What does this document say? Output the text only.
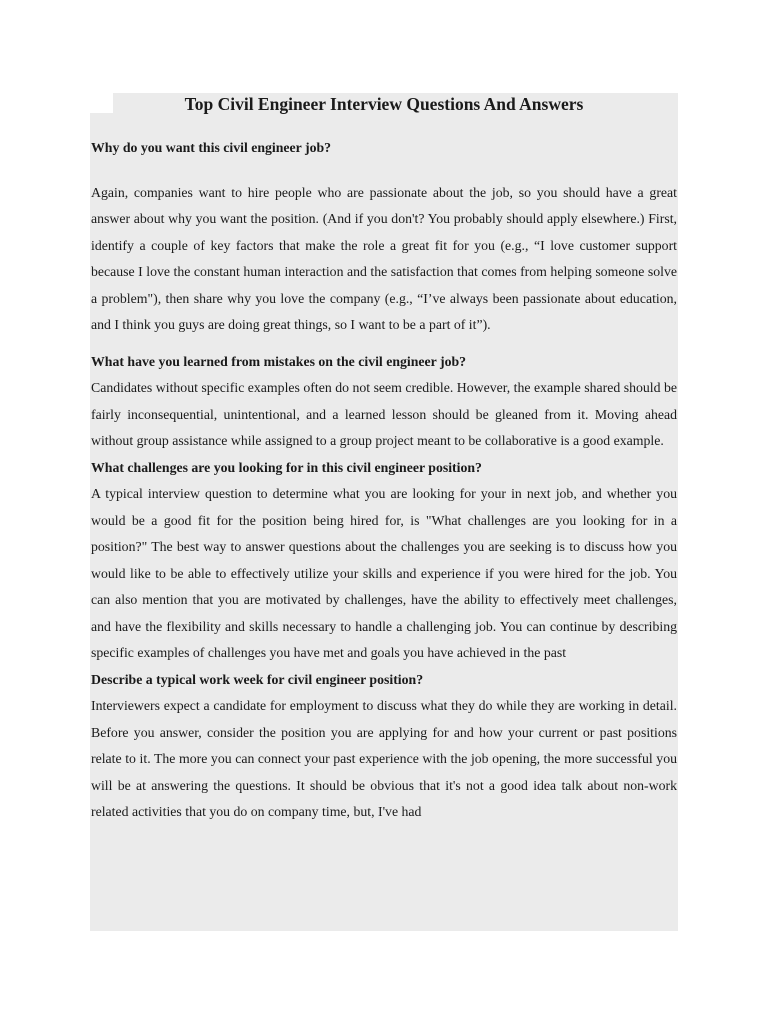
Top Civil Engineer Interview Questions And Answers

Why do you want this civil engineer job?

Again, companies want to hire people who are passionate about the job, so you should have a great answer about why you want the position. (And if you don't? You probably should apply elsewhere.) First, identify a couple of key factors that make the role a great fit for you (e.g., “I love customer support because I love the constant human interaction and the satisfaction that comes from helping someone solve a problem"), then share why you love the company (e.g., “I’ve always been passionate about education, and I think you guys are doing great things, so I want to be a part of it”).

What have you learned from mistakes on the civil engineer job?

Candidates without specific examples often do not seem credible. However, the example shared should be fairly inconsequential, unintentional, and a learned lesson should be gleaned from it. Moving ahead without group assistance while assigned to a group project meant to be collaborative is a good example.

What challenges are you looking for in this civil engineer position?

A typical interview question to determine what you are looking for your in next job, and whether you would be a good fit for the position being hired for, is "What challenges are you looking for in a position?" The best way to answer questions about the challenges you are seeking is to discuss how you would like to be able to effectively utilize your skills and experience if you were hired for the job. You can also mention that you are motivated by challenges, have the ability to effectively meet challenges, and have the flexibility and skills necessary to handle a challenging job. You can continue by describing specific examples of challenges you have met and goals you have achieved in the past

Describe a typical work week for civil engineer position?

Interviewers expect a candidate for employment to discuss what they do while they are working in detail. Before you answer, consider the position you are applying for and how your current or past positions relate to it. The more you can connect your past experience with the job opening, the more successful you will be at answering the questions. It should be obvious that it's not a good idea talk about non-work related activities that you do on company time, but, I've had
